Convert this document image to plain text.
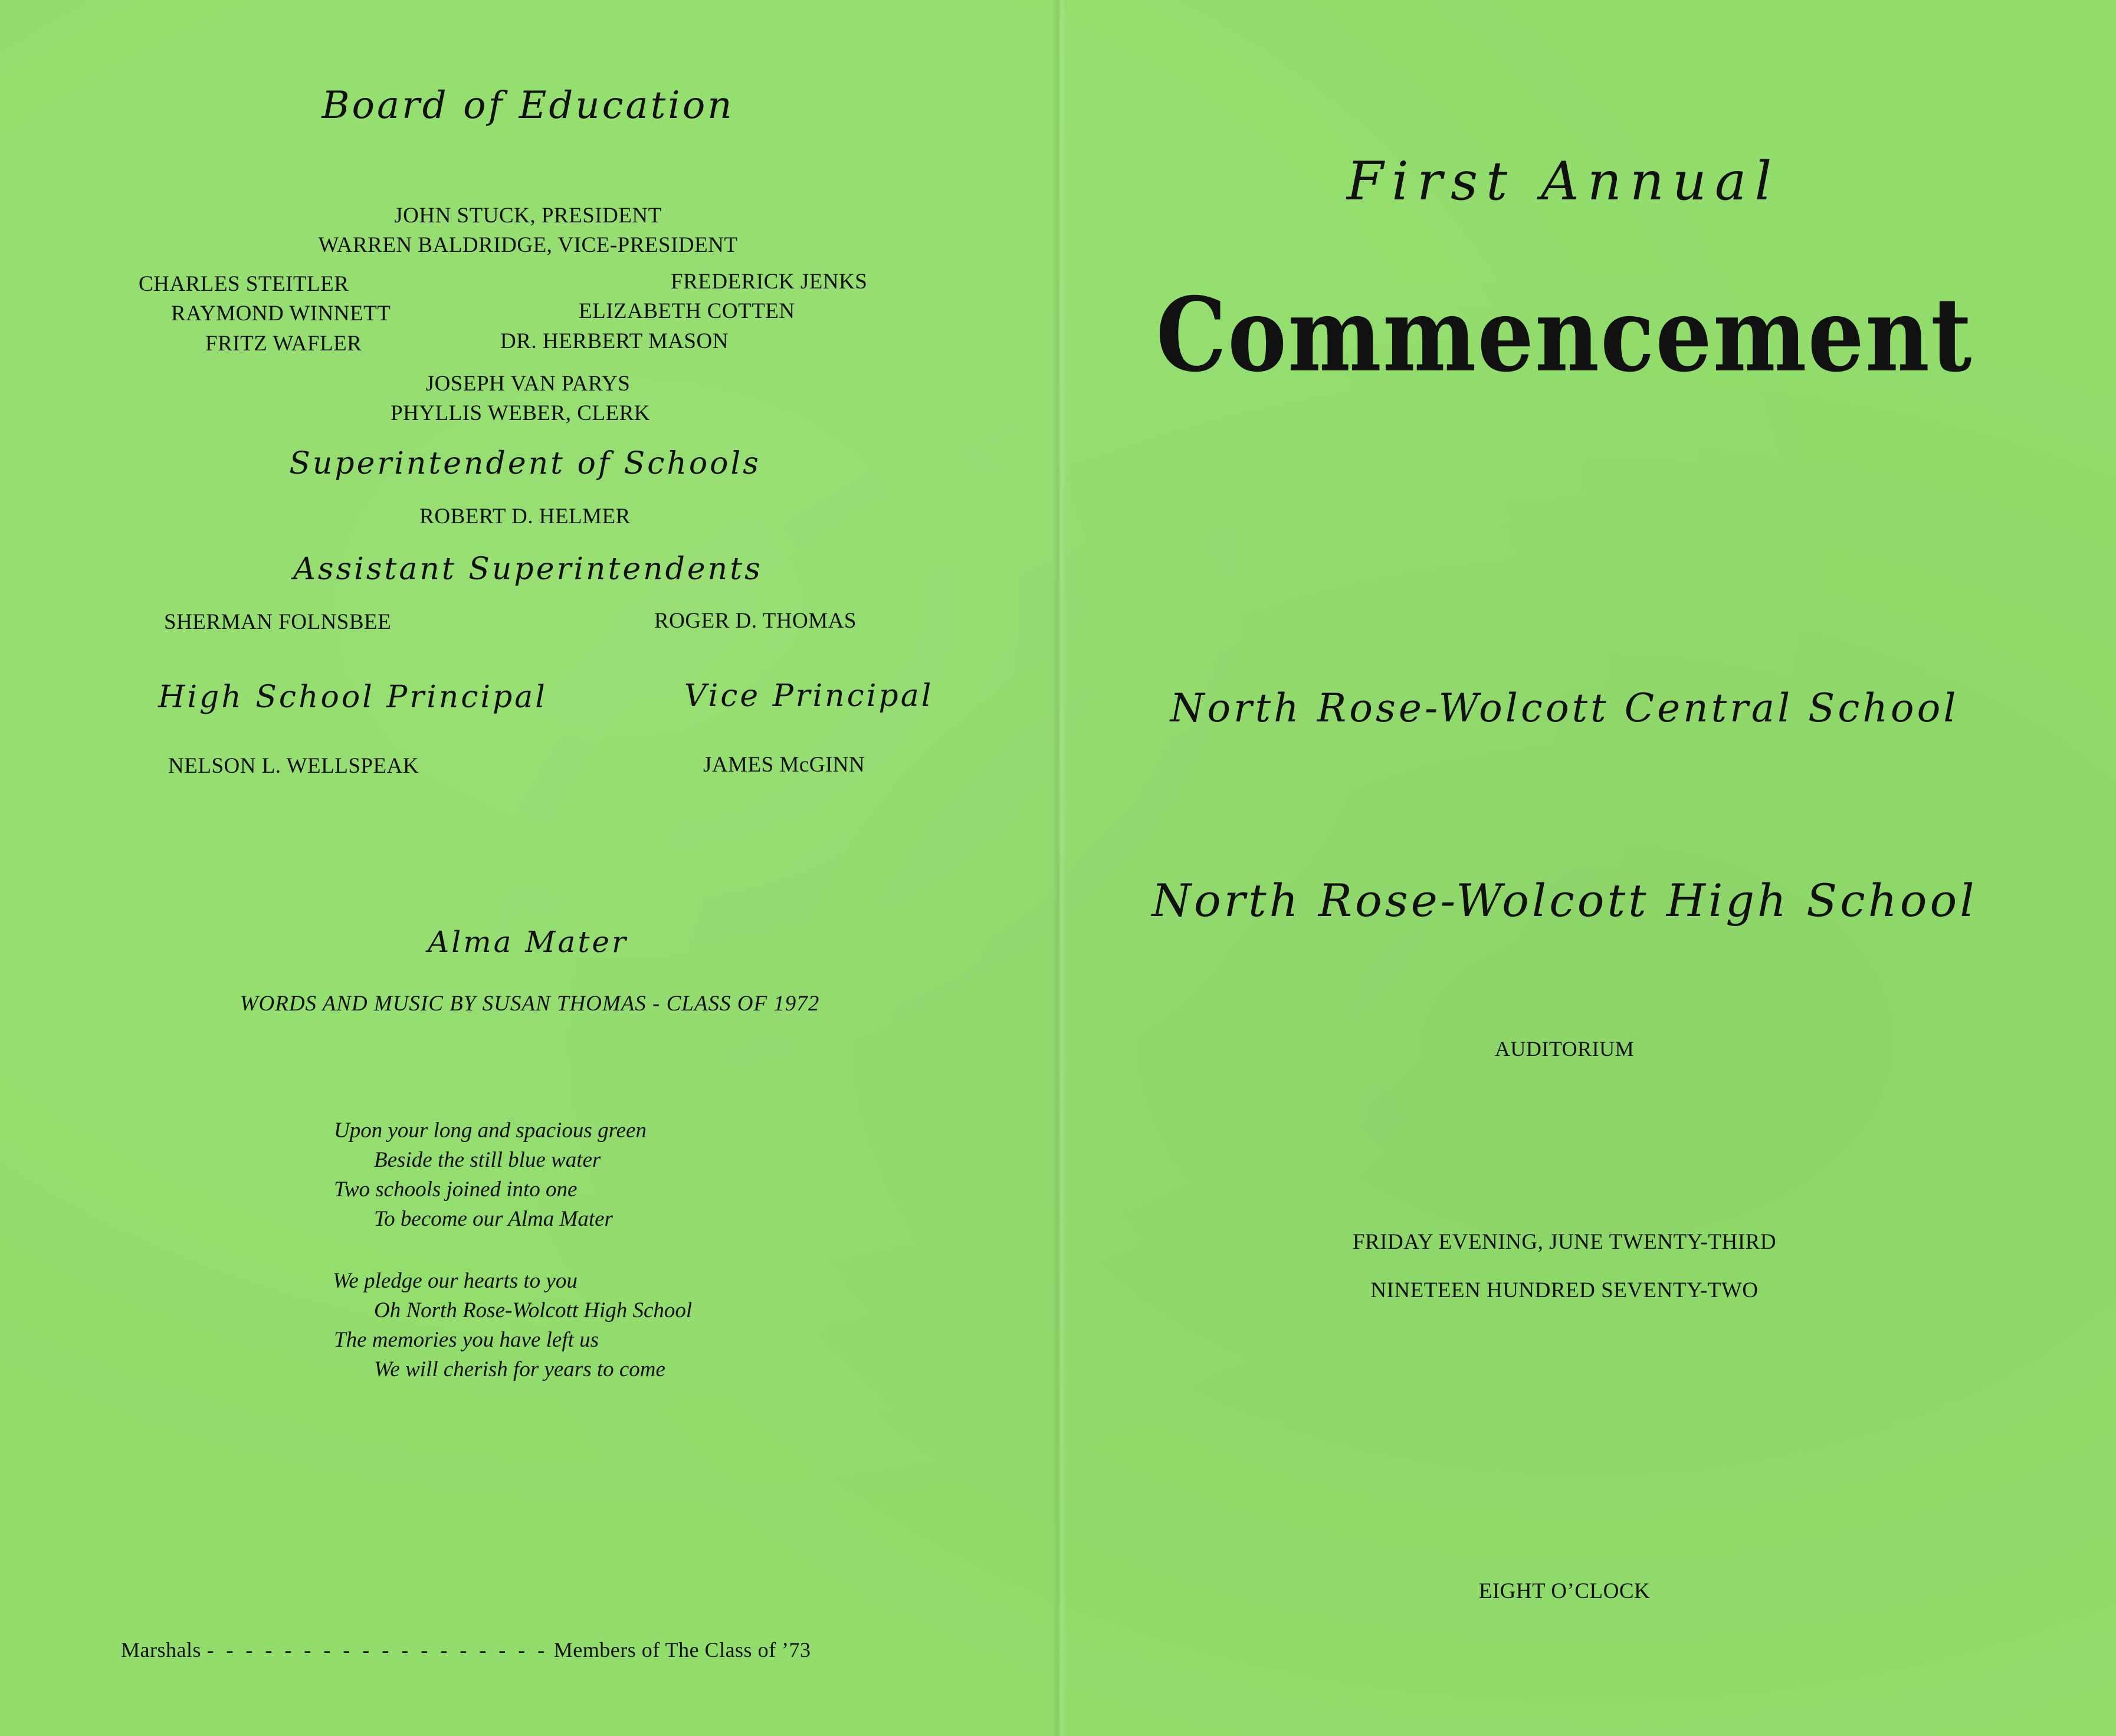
Board of Education
JOHN STUCK, PRESIDENT
WARREN BALDRIDGE, VICE-PRESIDENT
CHARLES STEITLER	FREDERICK JENKS
RAYMOND WINNETT	ELIZABETH COTTEN
FRITZ WAFLER	DR. HERBERT MASON
JOSEPH VAN PARYS
PHYLLIS WEBER, CLERK
Superintendent of Schools
ROBERT D. HELMER
Assistant Superintendents
SHERMAN FOLNSBEE	ROGER D. THOMAS
High School Principal	Vice Principal
NELSON L. WELLSPEAK	JAMES McGINN
Alma Mater
WORDS AND MUSIC BY SUSAN THOMAS - CLASS OF 1972
Upon your long and spacious green
Beside the still blue water
Two schools joined into one
To become our Alma Mater
We pledge our hearts to you
Oh North Rose-Wolcott High School
The memories you have left us
We will cherish for years to come
Marshals - - - - - - - - - - - - - - - - - - Members of The Class of ’73
First Annual
Commencement
North Rose-Wolcott Central School
North Rose-Wolcott High School
AUDITORIUM
FRIDAY EVENING, JUNE TWENTY-THIRD
NINETEEN HUNDRED SEVENTY-TWO
EIGHT O’CLOCK
